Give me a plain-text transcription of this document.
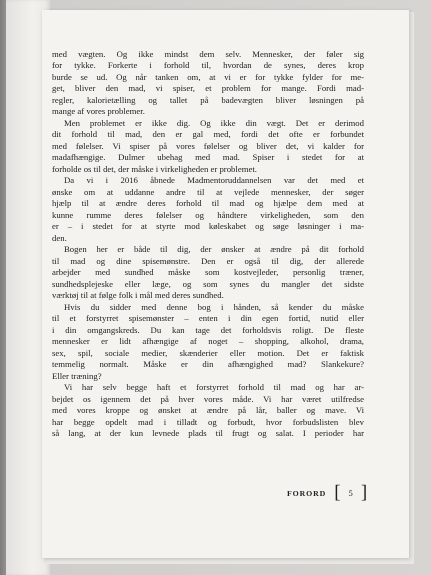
med vægten. Og ikke mindst dem selv. Mennesker, der føler sig
for tykke. Forkerte i forhold til, hvordan de synes, deres krop
burde se ud. Og når tanken om, at vi er for tykke fylder for me-
get, bliver den mad, vi spiser, et problem for mange. Fordi mad-
regler, kalorietælling og tallet på badevægten bliver løsningen på
mange af vores problemer.
Men problemet er ikke dig. Og ikke din vægt. Det er derimod
dit forhold til mad, den er gal med, fordi det ofte er forbundet
med følelser. Vi spiser på vores følelser og bliver det, vi kalder for
madafhængige. Dulmer ubehag med mad. Spiser i stedet for at
forholde os til det, der måske i virkeligheden er problemet.
Da vi i 2016 åbnede Madmentoruddannelsen var det med et
ønske om at uddanne andre til at vejlede mennesker, der søger
hjælp til at ændre deres forhold til mad og hjælpe dem med at
kunne rumme deres følelser og håndtere virkeligheden, som den
er – i stedet for at styrte mod køleskabet og søge løsninger i ma-
den.
Bogen her er både til dig, der ønsker at ændre på dit forhold
til mad og dine spisemønstre. Den er også til dig, der allerede
arbejder med sundhed måske som kostvejleder, personlig træner,
sundhedsplejeske eller læge, og som synes du mangler det sidste
værktøj til at følge folk i mål med deres sundhed.
Hvis du sidder med denne bog i hånden, så kender du måske
til et forstyrret spisemønster – enten i din egen fortid, nutid eller
i din omgangskreds. Du kan tage det forholdsvis roligt. De fleste
mennesker er lidt afhængige af noget – shopping, alkohol, drama,
sex, spil, sociale medier, skænderier eller motion. Det er faktisk
temmelig normalt. Måske er din afhængighed mad? Slankekure?
Eller træning?
Vi har selv begge haft et forstyrret forhold til mad og har ar-
bejdet os igennem det på hver vores måde. Vi har været utilfredse
med vores kroppe og ønsket at ændre på lår, baller og mave. Vi
har begge opdelt mad i tilladt og forbudt, hvor forbudslisten blev
så lang, at der kun levnede plads til frugt og salat. I perioder har
FORORD [ 5 ]
